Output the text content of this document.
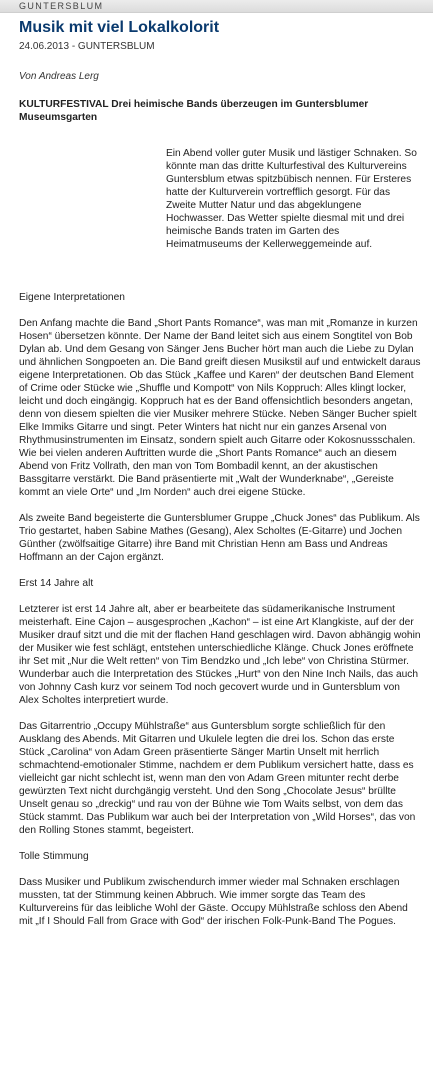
GUNTERSBLUM
Musik mit viel Lokalkolorit
24.06.2013 - GUNTERSBLUM
Von Andreas Lerg

KULTURFESTIVAL Drei heimische Bands überzeugen im Guntersblumer Museumsgarten

Ein Abend voller guter Musik und lästiger Schnaken. So könnte man das dritte Kulturfestival des Kulturvereins Guntersblum etwas spitzbübisch nennen. Für Ersteres hatte der Kulturverein vortrefflich gesorgt. Für das Zweite Mutter Natur und das abgeklungene Hochwasser. Das Wetter spielte diesmal mit und drei heimische Bands traten im Garten des Heimatmuseums der Kellerweggemeinde auf.

Eigene Interpretationen

Den Anfang machte die Band „Short Pants Romance“, was man mit „Romanze in kurzen Hosen“ übersetzen könnte. Der Name der Band leitet sich aus einem Songtitel von Bob Dylan ab. Und dem Gesang von Sänger Jens Bucher hört man auch die Liebe zu Dylan und ähnlichen Songpoeten an. Die Band greift diesen Musikstil auf und entwickelt daraus eigene Interpretationen. Ob das Stück „Kaffee und Karen“ der deutschen Band Element of Crime oder Stücke wie „Shuffle und Kompott“ von Nils Koppruch: Alles klingt locker, leicht und doch eingängig. Koppruch hat es der Band offensichtlich besonders angetan, denn von diesem spielten die vier Musiker mehrere Stücke. Neben Sänger Bucher spielt Elke Immiks Gitarre und singt. Peter Winters hat nicht nur ein ganzes Arsenal von Rhythmusinstrumenten im Einsatz, sondern spielt auch Gitarre oder Kokosnussschalen. Wie bei vielen anderen Auftritten wurde die „Short Pants Romance“ auch an diesem Abend von Fritz Vollrath, den man von Tom Bombadil kennt, an der akustischen Bassgitarre verstärkt. Die Band präsentierte mit „Walt der Wunderknabe“, „Gereiste kommt an viele Orte“ und „Im Norden“ auch drei eigene Stücke.

Als zweite Band begeisterte die Guntersblumer Gruppe „Chuck Jones“ das Publikum. Als Trio gestartet, haben Sabine Mathes (Gesang), Alex Scholtes (E-Gitarre) und Jochen Günther (zwölfsaitige Gitarre) ihre Band mit Christian Henn am Bass und Andreas Hoffmann an der Cajon ergänzt.

Erst 14 Jahre alt

Letzterer ist erst 14 Jahre alt, aber er bearbeitete das südamerikanische Instrument meisterhaft. Eine Cajon – ausgesprochen „Kachon“ – ist eine Art Klangkiste, auf der der Musiker drauf sitzt und die mit der flachen Hand geschlagen wird. Davon abhängig wohin der Musiker wie fest schlägt, entstehen unterschiedliche Klänge. Chuck Jones eröffnete ihr Set mit „Nur die Welt retten“ von Tim Bendzko und „Ich lebe“ von Christina Stürmer. Wunderbar auch die Interpretation des Stückes „Hurt“ von den Nine Inch Nails, das auch von Johnny Cash kurz vor seinem Tod noch gecovert wurde und in Guntersblum von Alex Scholtes interpretiert wurde.

Das Gitarrentrio „Occupy Mühlstraße“ aus Guntersblum sorgte schließlich für den Ausklang des Abends. Mit Gitarren und Ukulele legten die drei los. Schon das erste Stück „Carolina“ von Adam Green präsentierte Sänger Martin Unselt mit herrlich schmachtend-emotionaler Stimme, nachdem er dem Publikum versichert hatte, dass es vielleicht gar nicht schlecht ist, wenn man den von Adam Green mitunter recht derbe gewürzten Text nicht durchgängig versteht. Und den Song „Chocolate Jesus“ brüllte Unselt genau so „dreckig“ und rau von der Bühne wie Tom Waits selbst, von dem das Stück stammt. Das Publikum war auch bei der Interpretation von „Wild Horses“, das von den Rolling Stones stammt, begeistert.

Tolle Stimmung

Dass Musiker und Publikum zwischendurch immer wieder mal Schnaken erschlagen mussten, tat der Stimmung keinen Abbruch. Wie immer sorgte das Team des Kulturvereins für das leibliche Wohl der Gäste. Occupy Mühlstraße schloss den Abend mit „If I Should Fall from Grace with God“ der irischen Folk-Punk-Band The Pogues.
